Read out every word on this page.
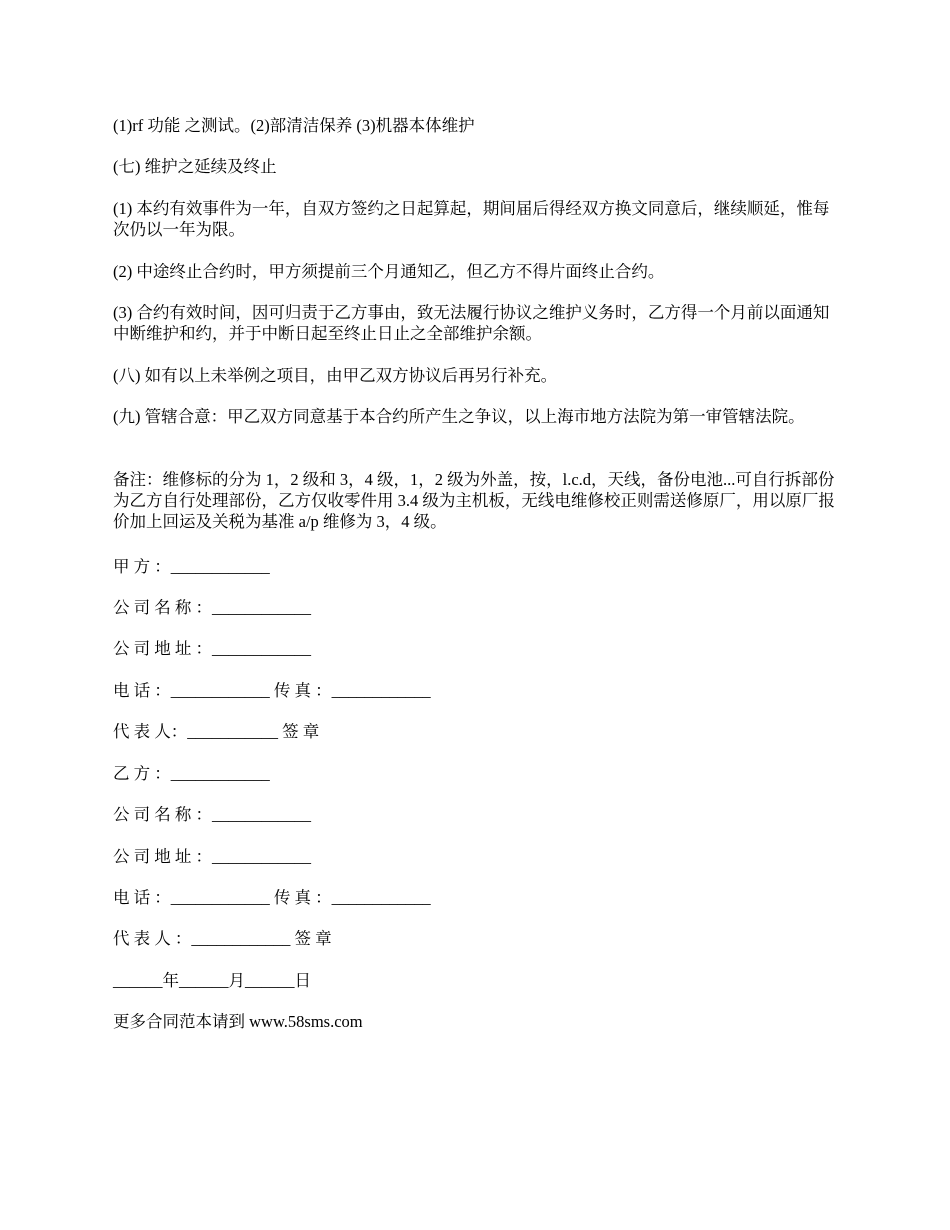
(1)rf 功能 之测试。(2)部清洁保养 (3)机器本体维护
(七) 维护之延续及终止
(1) 本约有效事件为一年，自双方签约之日起算起，期间届后得经双方换文同意后，继续顺延，惟每次仍以一年为限。
(2) 中途终止合约时，甲方须提前三个月通知乙，但乙方不得片面终止合约。
(3) 合约有效时间，因可归责于乙方事由，致无法履行协议之维护义务时，乙方得一个月前以面通知中断维护和约，并于中断日起至终止日止之全部维护余额。
(八) 如有以上未举例之项目，由甲乙双方协议后再另行补充。
(九) 管辖合意：甲乙双方同意基于本合约所产生之争议，以上海市地方法院为第一审管辖法院。
备注：维修标的分为 1，2 级和 3，4 级，1，2 级为外盖，按，l.c.d，天线，备份电池...可自行拆部份为乙方自行处理部份，乙方仅收零件用 3.4 级为主机板，无线电维修校正则需送修原厂，用以原厂报价加上回运及关税为基准 a/p 维修为 3，4 级。
甲 方 ：____________
公 司 名 称 ：____________
公 司 地 址 ：____________
电 话 ：____________ 传 真 ：____________
代 表 人：___________ 签 章
乙 方 ：____________
公 司 名 称 ：____________
公 司 地 址 ：____________
电 话 ：____________ 传 真 ：____________
代 表 人 ：____________ 签 章
______年______月______日
更多合同范本请到 www.58sms.com
